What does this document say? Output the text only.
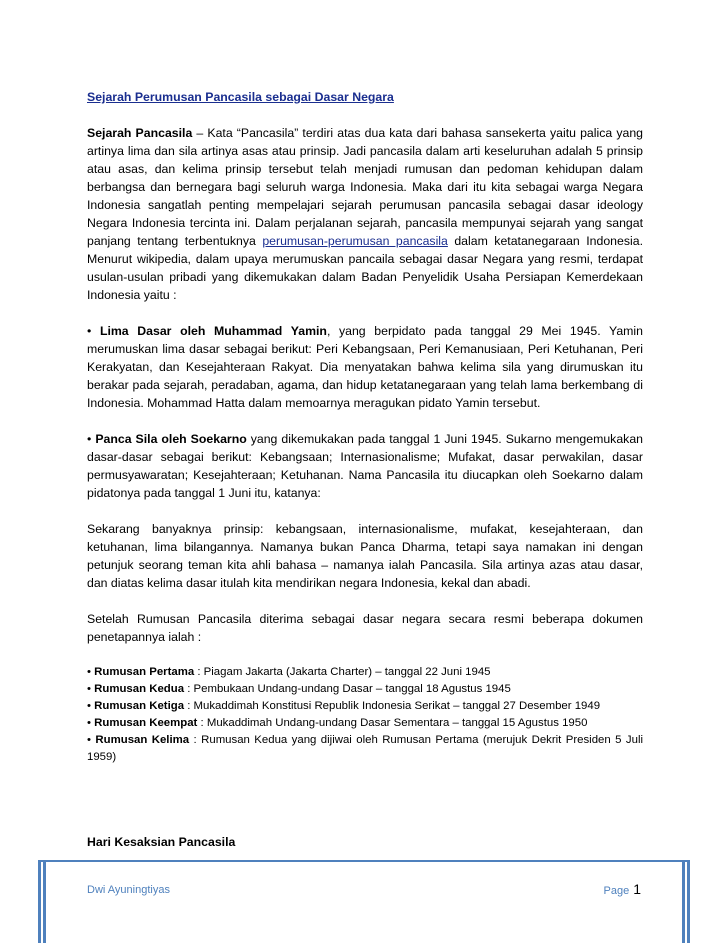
Sejarah Perumusan Pancasila sebagai Dasar Negara

Sejarah Pancasila – Kata “Pancasila” terdiri atas dua kata dari bahasa sansekerta yaitu palica yang artinya lima dan sila artinya asas atau prinsip. Jadi pancasila dalam arti keseluruhan adalah 5 prinsip atau asas, dan kelima prinsip tersebut telah menjadi rumusan dan pedoman kehidupan dalam berbangsa dan bernegara bagi seluruh warga Indonesia. Maka dari itu kita sebagai warga Negara Indonesia sangatlah penting mempelajari sejarah perumusan pancasila sebagai dasar ideology Negara Indonesia tercinta ini. Dalam perjalanan sejarah, pancasila mempunyai sejarah yang sangat panjang tentang terbentuknya perumusan-perumusan pancasila dalam ketatanegaraan Indonesia. Menurut wikipedia, dalam upaya merumuskan pancaila sebagai dasar Negara yang resmi, terdapat usulan-usulan pribadi yang dikemukakan dalam Badan Penyelidik Usaha Persiapan Kemerdekaan Indonesia yaitu :

• Lima Dasar oleh Muhammad Yamin, yang berpidato pada tanggal 29 Mei 1945. Yamin merumuskan lima dasar sebagai berikut: Peri Kebangsaan, Peri Kemanusiaan, Peri Ketuhanan, Peri Kerakyatan, dan Kesejahteraan Rakyat. Dia menyatakan bahwa kelima sila yang dirumuskan itu berakar pada sejarah, peradaban, agama, dan hidup ketatanegaraan yang telah lama berkembang di Indonesia. Mohammad Hatta dalam memoarnya meragukan pidato Yamin tersebut.

• Panca Sila oleh Soekarno yang dikemukakan pada tanggal 1 Juni 1945. Sukarno mengemukakan dasar-dasar sebagai berikut: Kebangsaan; Internasionalisme; Mufakat, dasar perwakilan, dasar permusyawaratan; Kesejahteraan; Ketuhanan. Nama Pancasila itu diucapkan oleh Soekarno dalam pidatonya pada tanggal 1 Juni itu, katanya:

Sekarang banyaknya prinsip: kebangsaan, internasionalisme, mufakat, kesejahteraan, dan ketuhanan, lima bilangannya. Namanya bukan Panca Dharma, tetapi saya namakan ini dengan petunjuk seorang teman kita ahli bahasa – namanya ialah Pancasila. Sila artinya azas atau dasar, dan diatas kelima dasar itulah kita mendirikan negara Indonesia, kekal dan abadi.

Setelah Rumusan Pancasila diterima sebagai dasar negara secara resmi beberapa dokumen penetapannya ialah :

• Rumusan Pertama : Piagam Jakarta (Jakarta Charter) – tanggal 22 Juni 1945

• Rumusan Kedua : Pembukaan Undang-undang Dasar – tanggal 18 Agustus 1945

• Rumusan Ketiga : Mukaddimah Konstitusi Republik Indonesia Serikat – tanggal 27 Desember 1949

• Rumusan Keempat : Mukaddimah Undang-undang Dasar Sementara – tanggal 15 Agustus 1950

• Rumusan Kelima : Rumusan Kedua yang dijiwai oleh Rumusan Pertama (merujuk Dekrit Presiden 5 Juli 1959)

Hari Kesaksian Pancasila
Dwi Ayuningtiyas	Page 1
